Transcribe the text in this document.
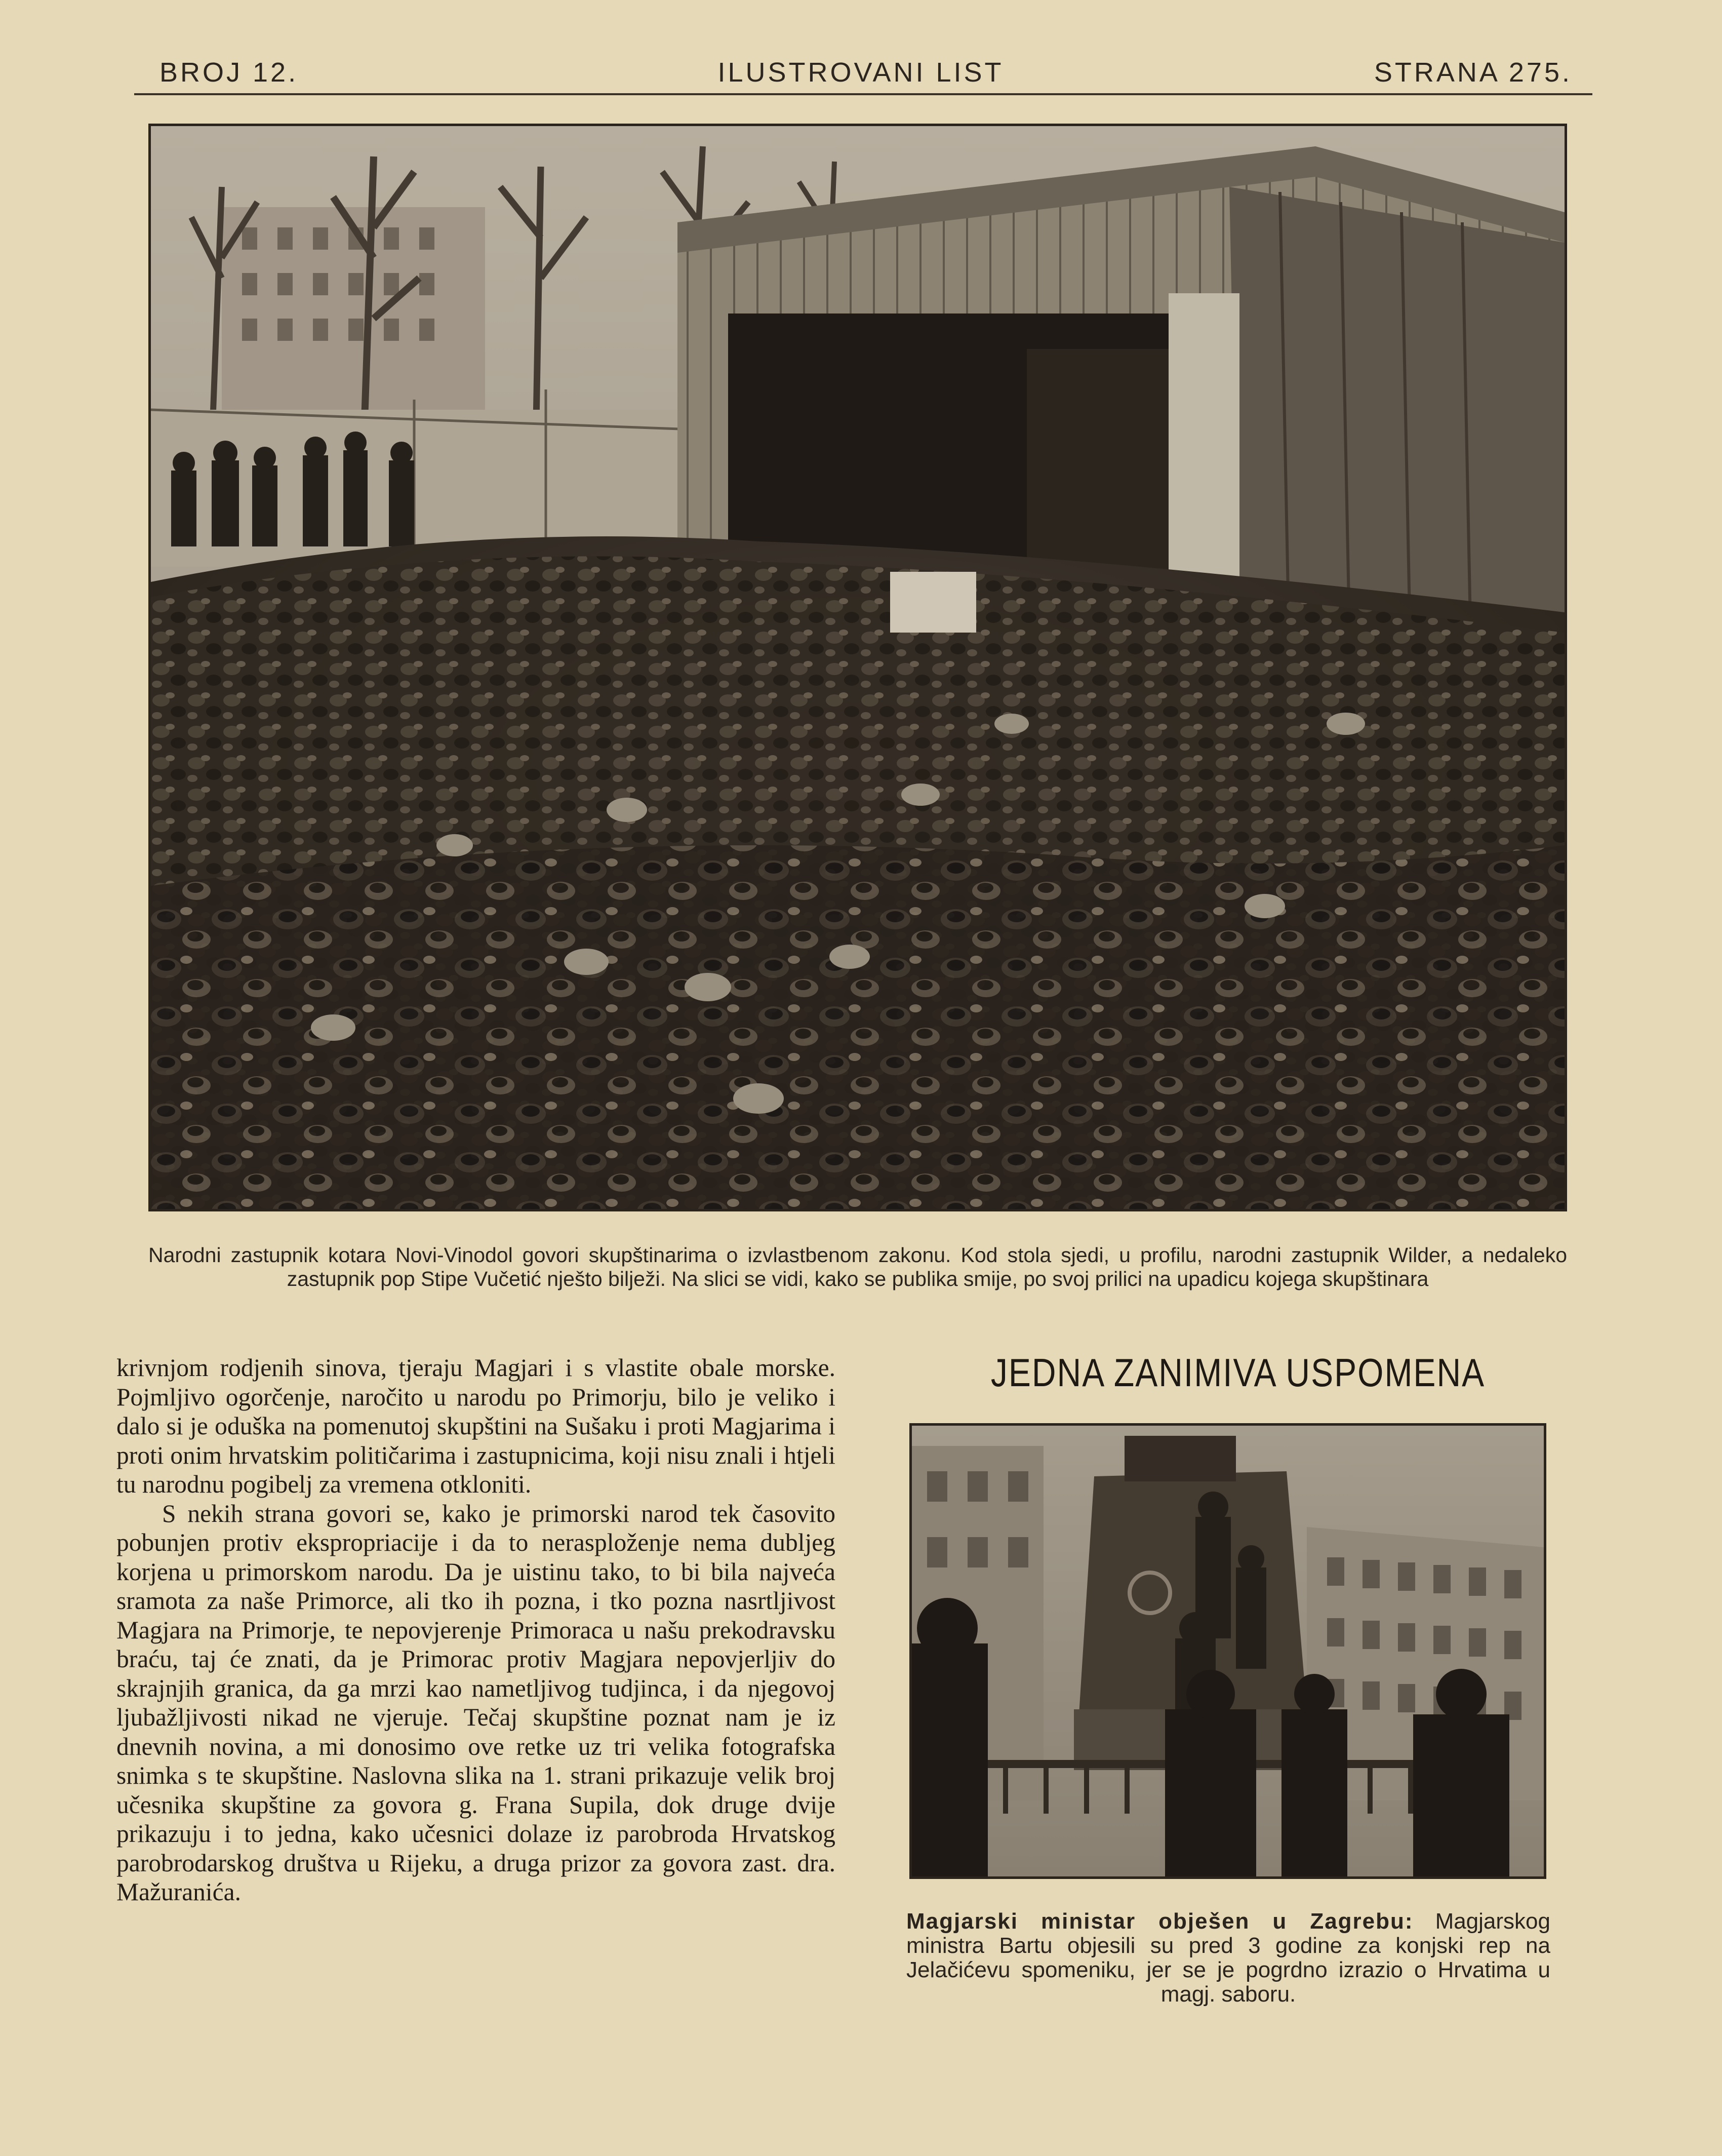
BROJ 12.	ILUSTROVANI LIST	STRANA 275.
Narodni zastupnik kotara Novi-Vinodol govori skupštinarima o izvlastbenom zakonu. Kod stola sjedi, u profilu, narodni zastupnik Wilder, a nedaleko zastupnik pop Stipe Vučetić nješto bilježi. Na slici se vidi, kako se publika smije, po svoj prilici na upadicu kojega skupštinara

krivnjom rodjenih sinova, tjeraju Magjari i s vlastite obale morske. Pojmljivo ogorčenje, naročito u narodu po Primorju, bilo je veliko i dalo si je oduška na pomenutoj skupštini na Sušaku i proti Magjarima i proti onim hrvatskim političarima i zastupnicima, koji nisu znali i htjeli tu narodnu pogibelj za vremena otkloniti.

S nekih strana govori se, kako je primorski narod tek časovito pobunjen protiv ekspropriacije i da to nerasploženje nema dubljeg korjena u primorskom narodu. Da je uistinu tako, to bi bila najveća sramota za naše Primorce, ali tko ih pozna, i tko pozna nasrtljivost Magjara na Primorje, te nepovjerenje Primoraca u našu prekodravsku braću, taj će znati, da je Primorac protiv Magjara nepovjerljiv do skrajnjih granica, da ga mrzi kao nametljivog tudjinca, i da njegovoj ljubažljivosti nikad ne vjeruje. Tečaj skupštine poznat nam je iz dnevnih novina, a mi donosimo ove retke uz tri velika fotografska snimka s te skupštine. Naslovna slika na 1. strani prikazuje velik broj učesnika skupštine za govora g. Frana Supila, dok druge dvije prikazuju i to jedna, kako učesnici dolaze iz parobroda Hrvatskog parobrodarskog društva u Rijeku, a druga prizor za govora zast. dra. Mažuranića.

JEDNA ZANIMIVA USPOMENA
Magjarski ministar obješen u Zagrebu: Magjarskog ministra Bartu objesili su pred 3 godine za konjski rep na Jelačićevu spomeniku, jer se je pogrdno izrazio o Hrvatima u magj. saboru.
